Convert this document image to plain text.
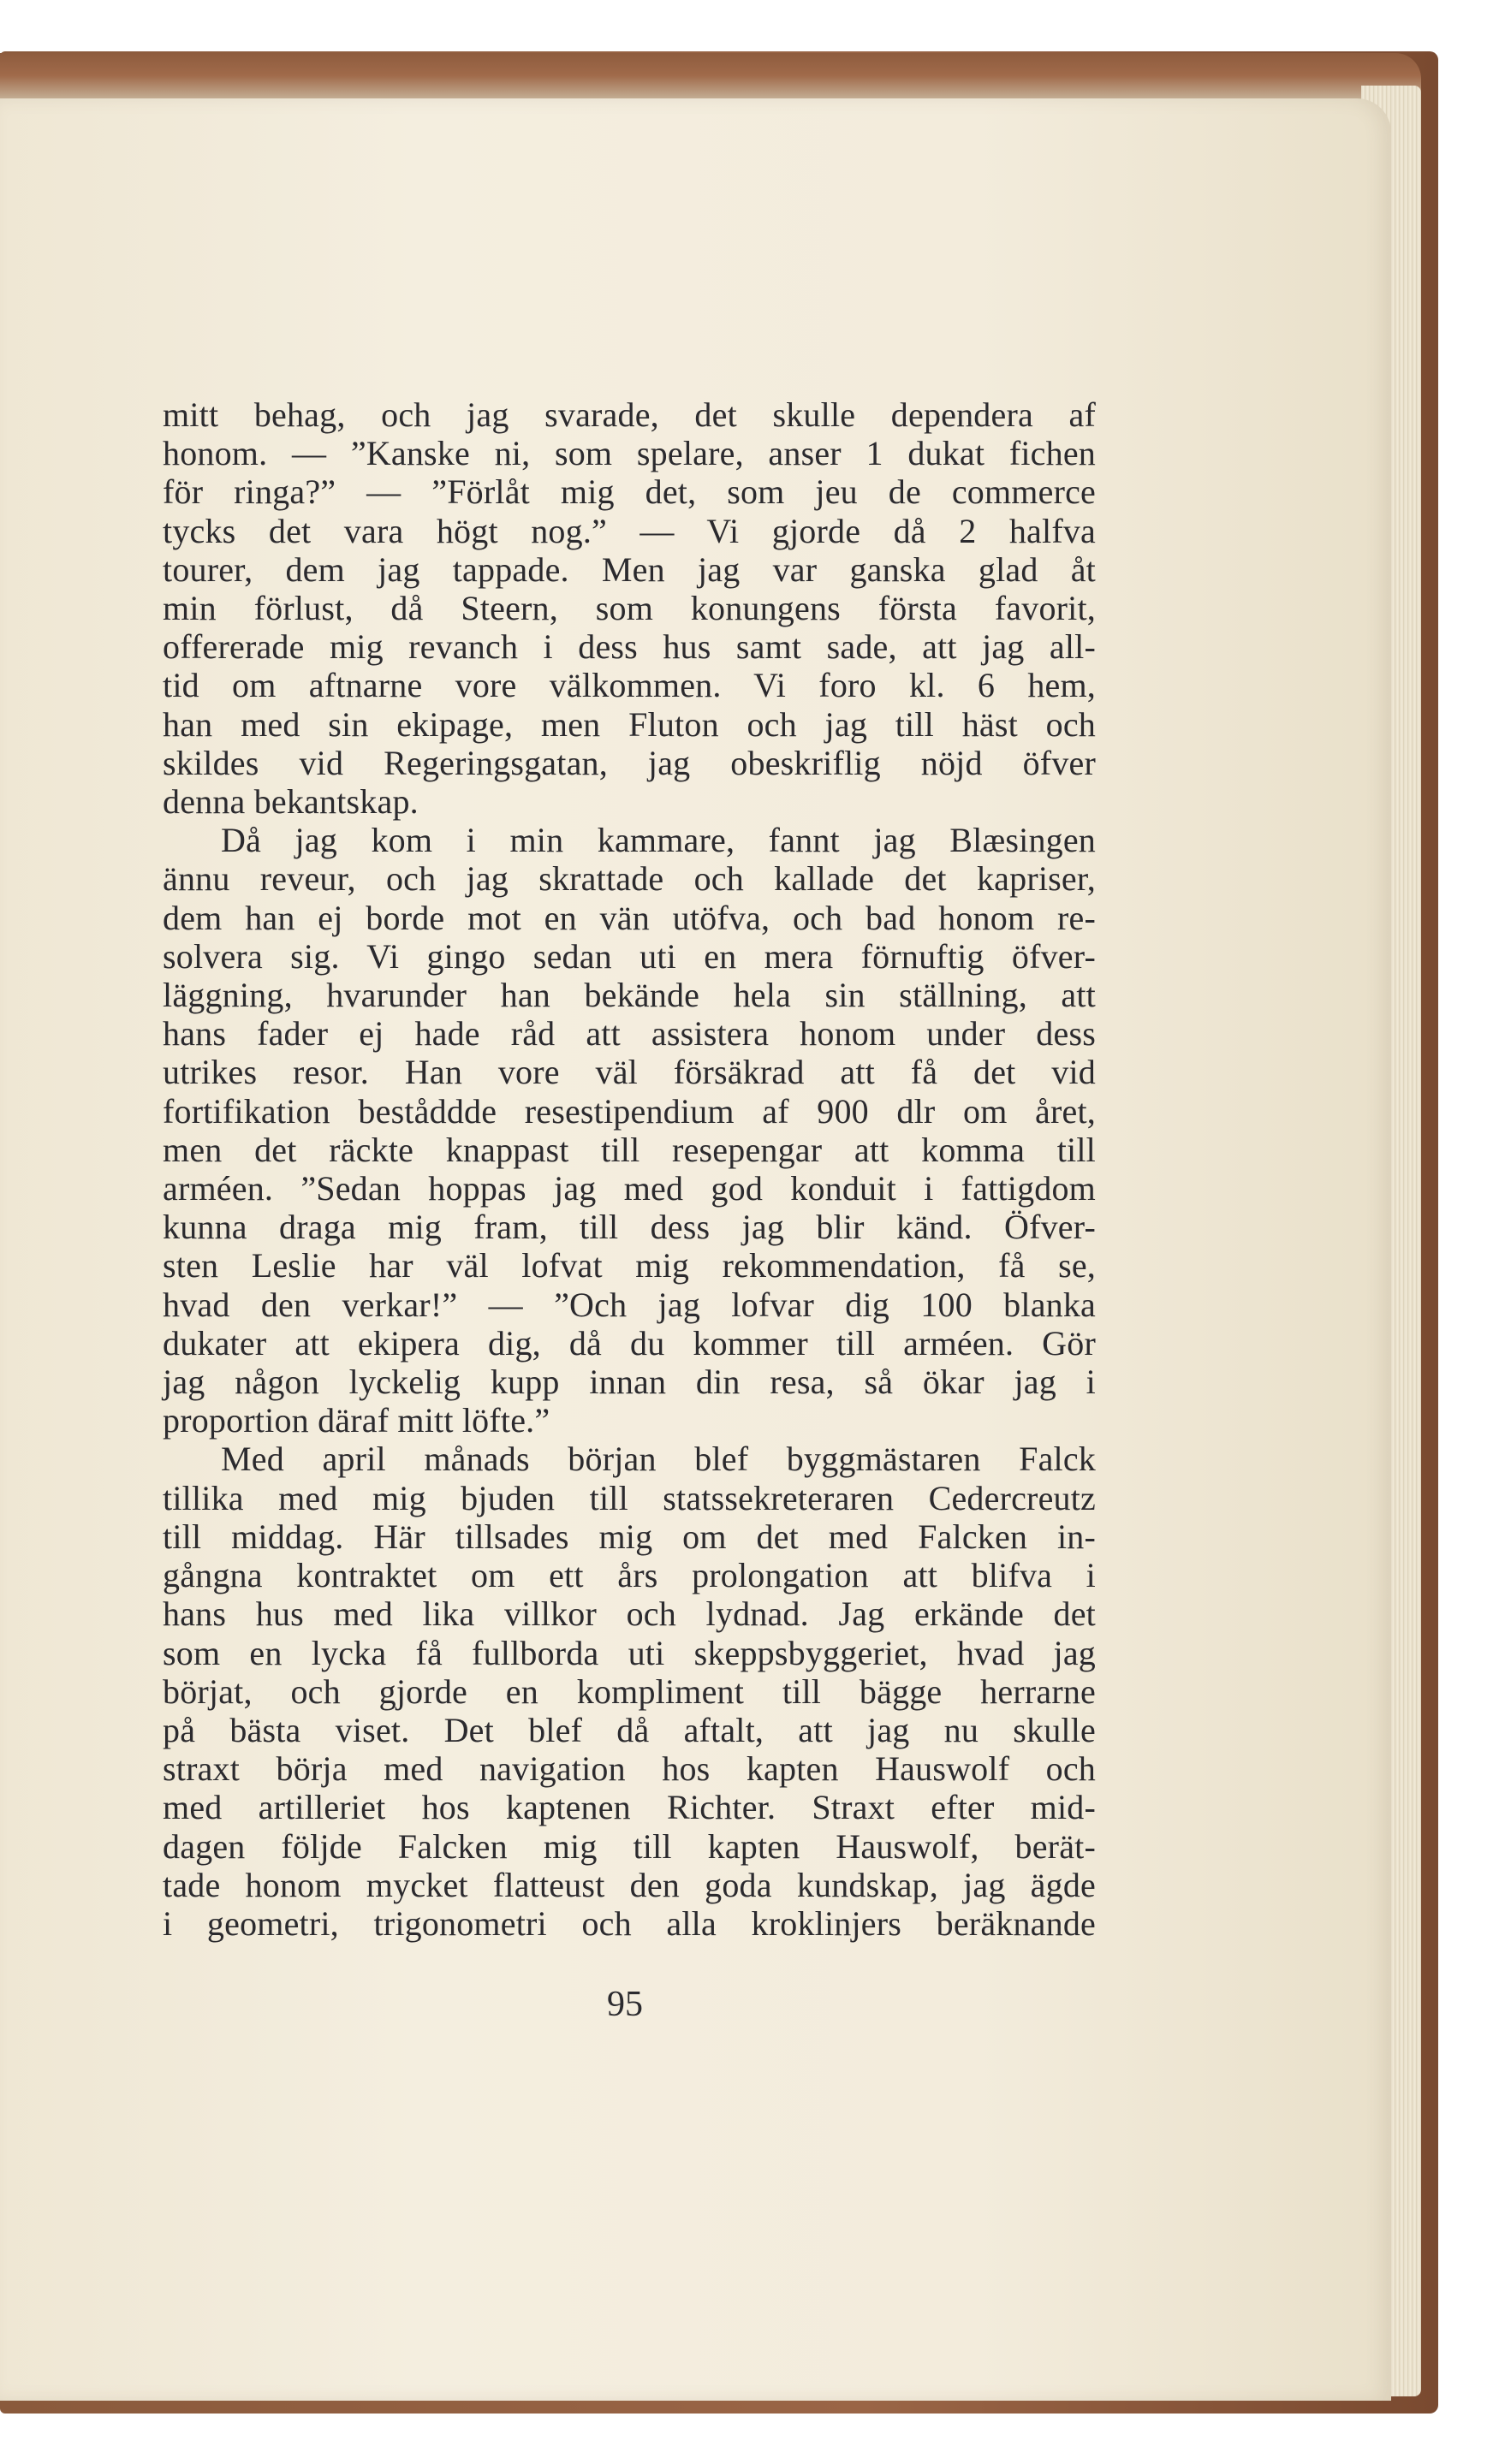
mitt behag, och jag svarade, det skulle dependera af
honom. — ”Kanske ni, som spelare, anser 1 dukat fichen
för ringa?” — ”Förlåt mig det, som jeu de commerce
tycks det vara högt nog.” — Vi gjorde då 2 halfva
tourer, dem jag tappade. Men jag var ganska glad åt
min förlust, då Steern, som konungens första favorit,
offererade mig revanch i dess hus samt sade, att jag all-
tid om aftnarne vore välkommen. Vi foro kl. 6 hem,
han med sin ekipage, men Fluton och jag till häst och
skildes vid Regeringsgatan, jag obeskriflig nöjd öfver
denna bekantskap.
Då jag kom i min kammare, fannt jag Blæsingen
ännu reveur, och jag skrattade och kallade det kapriser,
dem han ej borde mot en vän utöfva, och bad honom re-
solvera sig. Vi gingo sedan uti en mera förnuftig öfver-
läggning, hvarunder han bekände hela sin ställning, att
hans fader ej hade råd att assistera honom under dess
utrikes resor. Han vore väl försäkrad att få det vid
fortifikation beståddde resestipendium af 900 dlr om året,
men det räckte knappast till resepengar att komma till
arméen. ”Sedan hoppas jag med god konduit i fattigdom
kunna draga mig fram, till dess jag blir känd. Öfver-
sten Leslie har väl lofvat mig rekommendation, få se,
hvad den verkar!” — ”Och jag lofvar dig 100 blanka
dukater att ekipera dig, då du kommer till arméen. Gör
jag någon lyckelig kupp innan din resa, så ökar jag i
proportion däraf mitt löfte.”
Med april månads början blef byggmästaren Falck
tillika med mig bjuden till statssekreteraren Cedercreutz
till middag. Här tillsades mig om det med Falcken in-
gångna kontraktet om ett års prolongation att blifva i
hans hus med lika villkor och lydnad. Jag erkände det
som en lycka få fullborda uti skeppsbyggeriet, hvad jag
börjat, och gjorde en kompliment till bägge herrarne
på bästa viset. Det blef då aftalt, att jag nu skulle
straxt börja med navigation hos kapten Hauswolf och
med artilleriet hos kaptenen Richter. Straxt efter mid-
dagen följde Falcken mig till kapten Hauswolf, berät-
tade honom mycket flatteust den goda kundskap, jag ägde
i geometri, trigonometri och alla kroklinjers beräknande
95
